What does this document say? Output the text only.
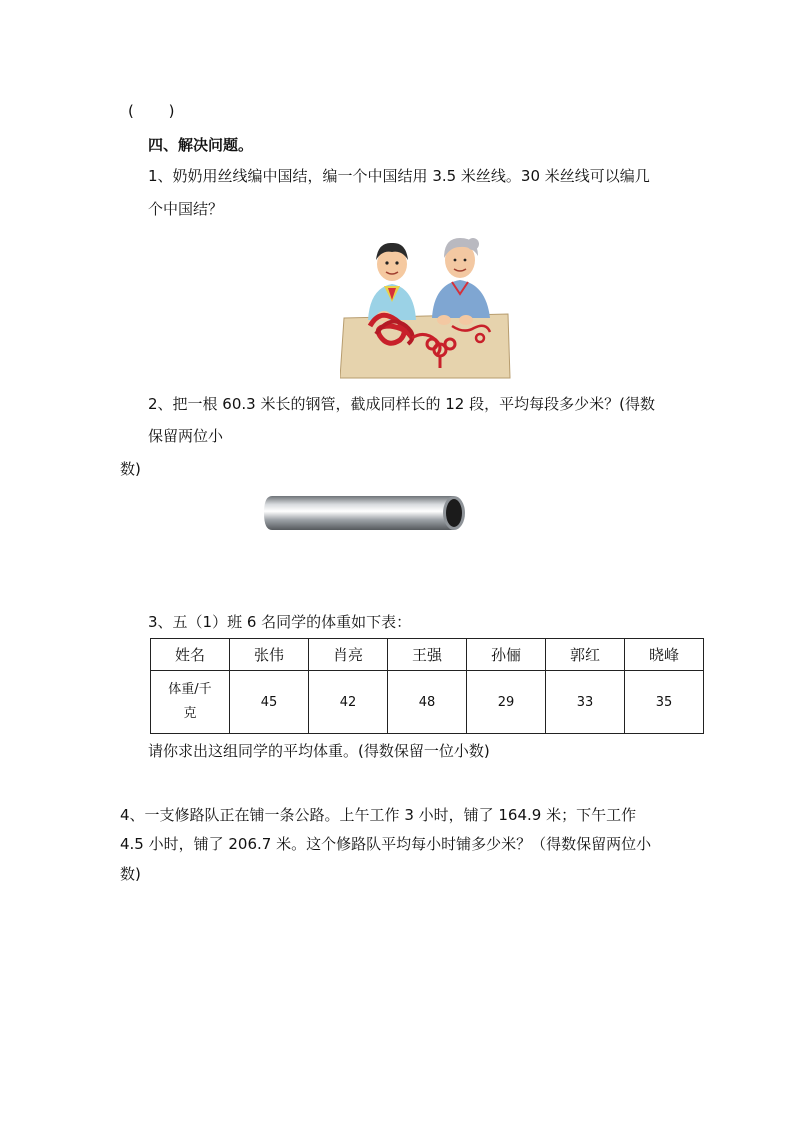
(　　 )
四、解决问题。
1、奶奶用丝线编中国结，编一个中国结用 3.5 米丝线。30 米丝线可以编几
个中国结？
2、把一根 60.3 米长的钢管，截成同样长的 12 段，平均每段多少米？(得数
保留两位小
数)
3、五（1）班 6 名同学的体重如下表：
姓名	张伟	肖亮	王强	孙俪	郭红	晓峰

体重/千
克	45	42	48	29	33	35
请你求出这组同学的平均体重。(得数保留一位小数)
4、一支修路队正在铺一条公路。上午工作 3 小时，铺了 164.9 米；下午工作
4.5 小时，铺了 206.7 米。这个修路队平均每小时铺多少米？（得数保留两位小
数)
